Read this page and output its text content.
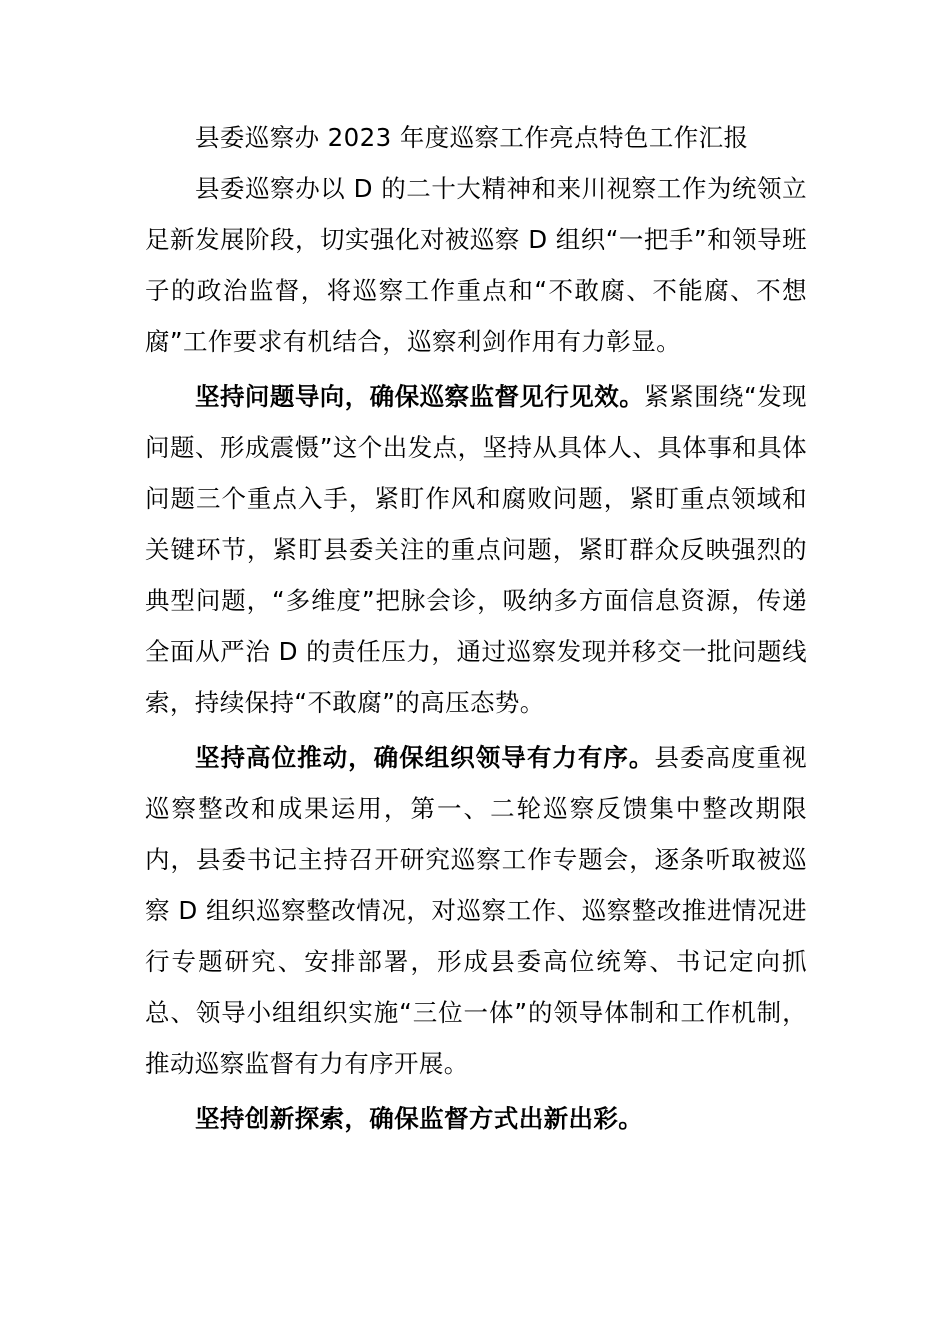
县委巡察办 2023 年度巡察工作亮点特色工作汇报

县委巡察办以 D 的二十大精神和来川视察工作为统领立足新发展阶段，切实强化对被巡察 D 组织“一把手”和领导班子的政治监督，将巡察工作重点和“不敢腐、不能腐、不想腐”工作要求有机结合，巡察利剑作用有力彰显。

坚持问题导向，确保巡察监督见行见效。紧紧围绕“发现问题、形成震慑”这个出发点，坚持从具体人、具体事和具体问题三个重点入手，紧盯作风和腐败问题，紧盯重点领域和关键环节，紧盯县委关注的重点问题，紧盯群众反映强烈的典型问题，“多维度”把脉会诊，吸纳多方面信息资源，传递全面从严治 D 的责任压力，通过巡察发现并移交一批问题线索，持续保持“不敢腐”的高压态势。

坚持高位推动，确保组织领导有力有序。县委高度重视巡察整改和成果运用，第一、二轮巡察反馈集中整改期限内，县委书记主持召开研究巡察工作专题会，逐条听取被巡察 D 组织巡察整改情况，对巡察工作、巡察整改推进情况进行专题研究、安排部署，形成县委高位统筹、书记定向抓总、领导小组组织实施“三位一体”的领导体制和工作机制，推动巡察监督有力有序开展。

坚持创新探索，确保监督方式出新出彩。
